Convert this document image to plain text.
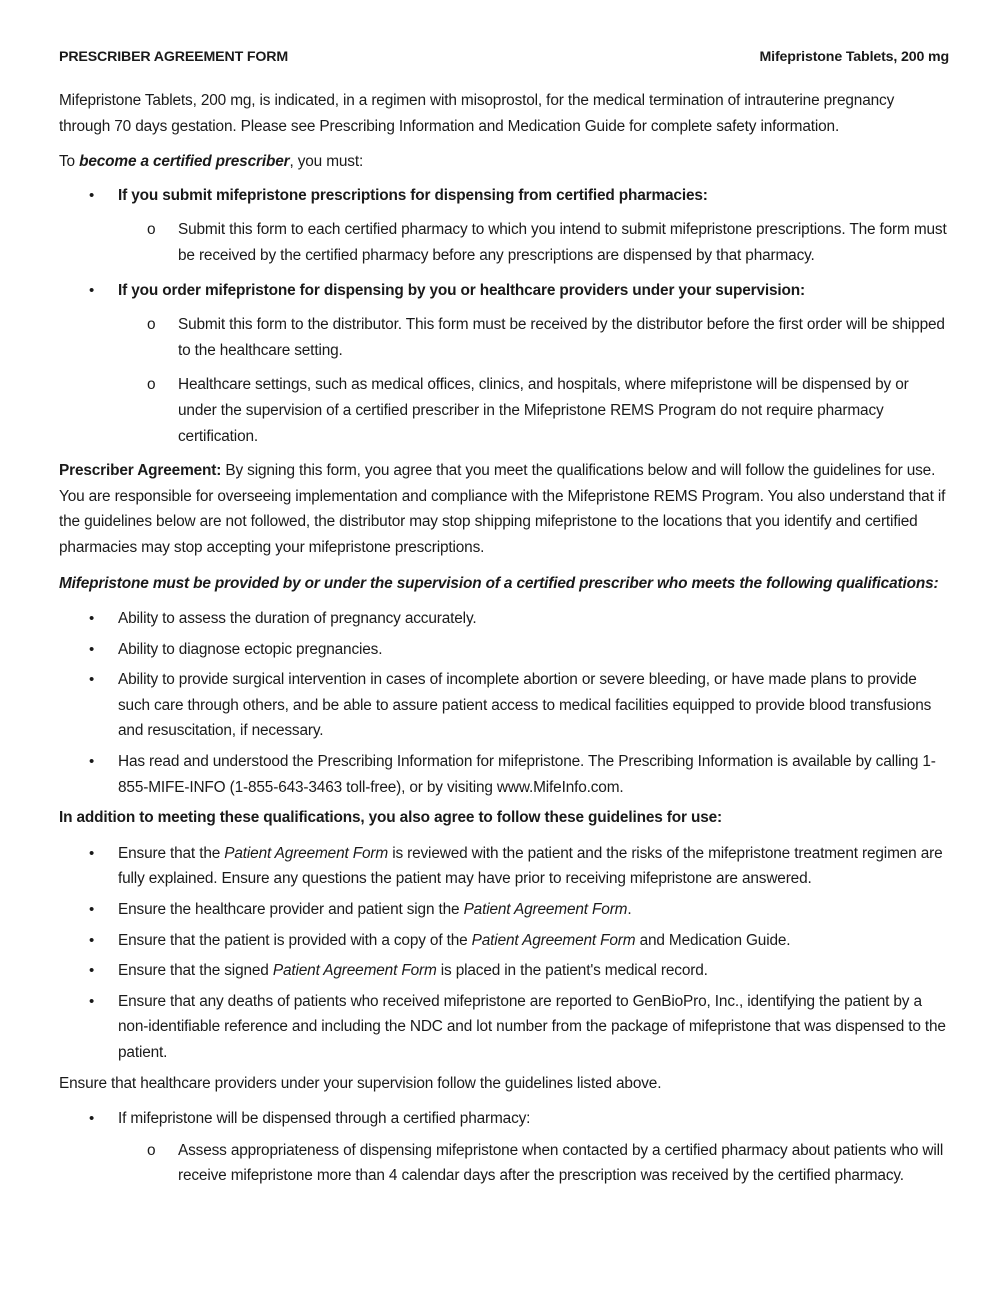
PRESCRIBER AGREEMENT FORM	Mifepristone Tablets, 200 mg

Mifepristone Tablets, 200 mg, is indicated, in a regimen with misoprostol, for the medical termination of intrauterine pregnancy through 70 days gestation. Please see Prescribing Information and Medication Guide for complete safety information.

To become a certified prescriber, you must:

• If you submit mifepristone prescriptions for dispensing from certified pharmacies:
o Submit this form to each certified pharmacy to which you intend to submit mifepristone prescriptions. The form must be received by the certified pharmacy before any prescriptions are dispensed by that pharmacy.
• If you order mifepristone for dispensing by you or healthcare providers under your supervision:
o Submit this form to the distributor. This form must be received by the distributor before the first order will be shipped to the healthcare setting.
o Healthcare settings, such as medical offices, clinics, and hospitals, where mifepristone will be dispensed by or under the supervision of a certified prescriber in the Mifepristone REMS Program do not require pharmacy certification.

Prescriber Agreement: By signing this form, you agree that you meet the qualifications below and will follow the guidelines for use. You are responsible for overseeing implementation and compliance with the Mifepristone REMS Program. You also understand that if the guidelines below are not followed, the distributor may stop shipping mifepristone to the locations that you identify and certified pharmacies may stop accepting your mifepristone prescriptions.

Mifepristone must be provided by or under the supervision of a certified prescriber who meets the following qualifications:

• Ability to assess the duration of pregnancy accurately.
• Ability to diagnose ectopic pregnancies.
• Ability to provide surgical intervention in cases of incomplete abortion or severe bleeding, or have made plans to provide such care through others, and be able to assure patient access to medical facilities equipped to provide blood transfusions and resuscitation, if necessary.
• Has read and understood the Prescribing Information for mifepristone. The Prescribing Information is available by calling 1-855-MIFE-INFO (1-855-643-3463 toll-free), or by visiting www.MifeInfo.com.

In addition to meeting these qualifications, you also agree to follow these guidelines for use:

• Ensure that the Patient Agreement Form is reviewed with the patient and the risks of the mifepristone treatment regimen are fully explained. Ensure any questions the patient may have prior to receiving mifepristone are answered.
• Ensure the healthcare provider and patient sign the Patient Agreement Form.
• Ensure that the patient is provided with a copy of the Patient Agreement Form and Medication Guide.
• Ensure that the signed Patient Agreement Form is placed in the patient's medical record.
• Ensure that any deaths of patients who received mifepristone are reported to GenBioPro, Inc., identifying the patient by a non-identifiable reference and including the NDC and lot number from the package of mifepristone that was dispensed to the patient.

Ensure that healthcare providers under your supervision follow the guidelines listed above.

• If mifepristone will be dispensed through a certified pharmacy:
o Assess appropriateness of dispensing mifepristone when contacted by a certified pharmacy about patients who will receive mifepristone more than 4 calendar days after the prescription was received by the certified pharmacy.
